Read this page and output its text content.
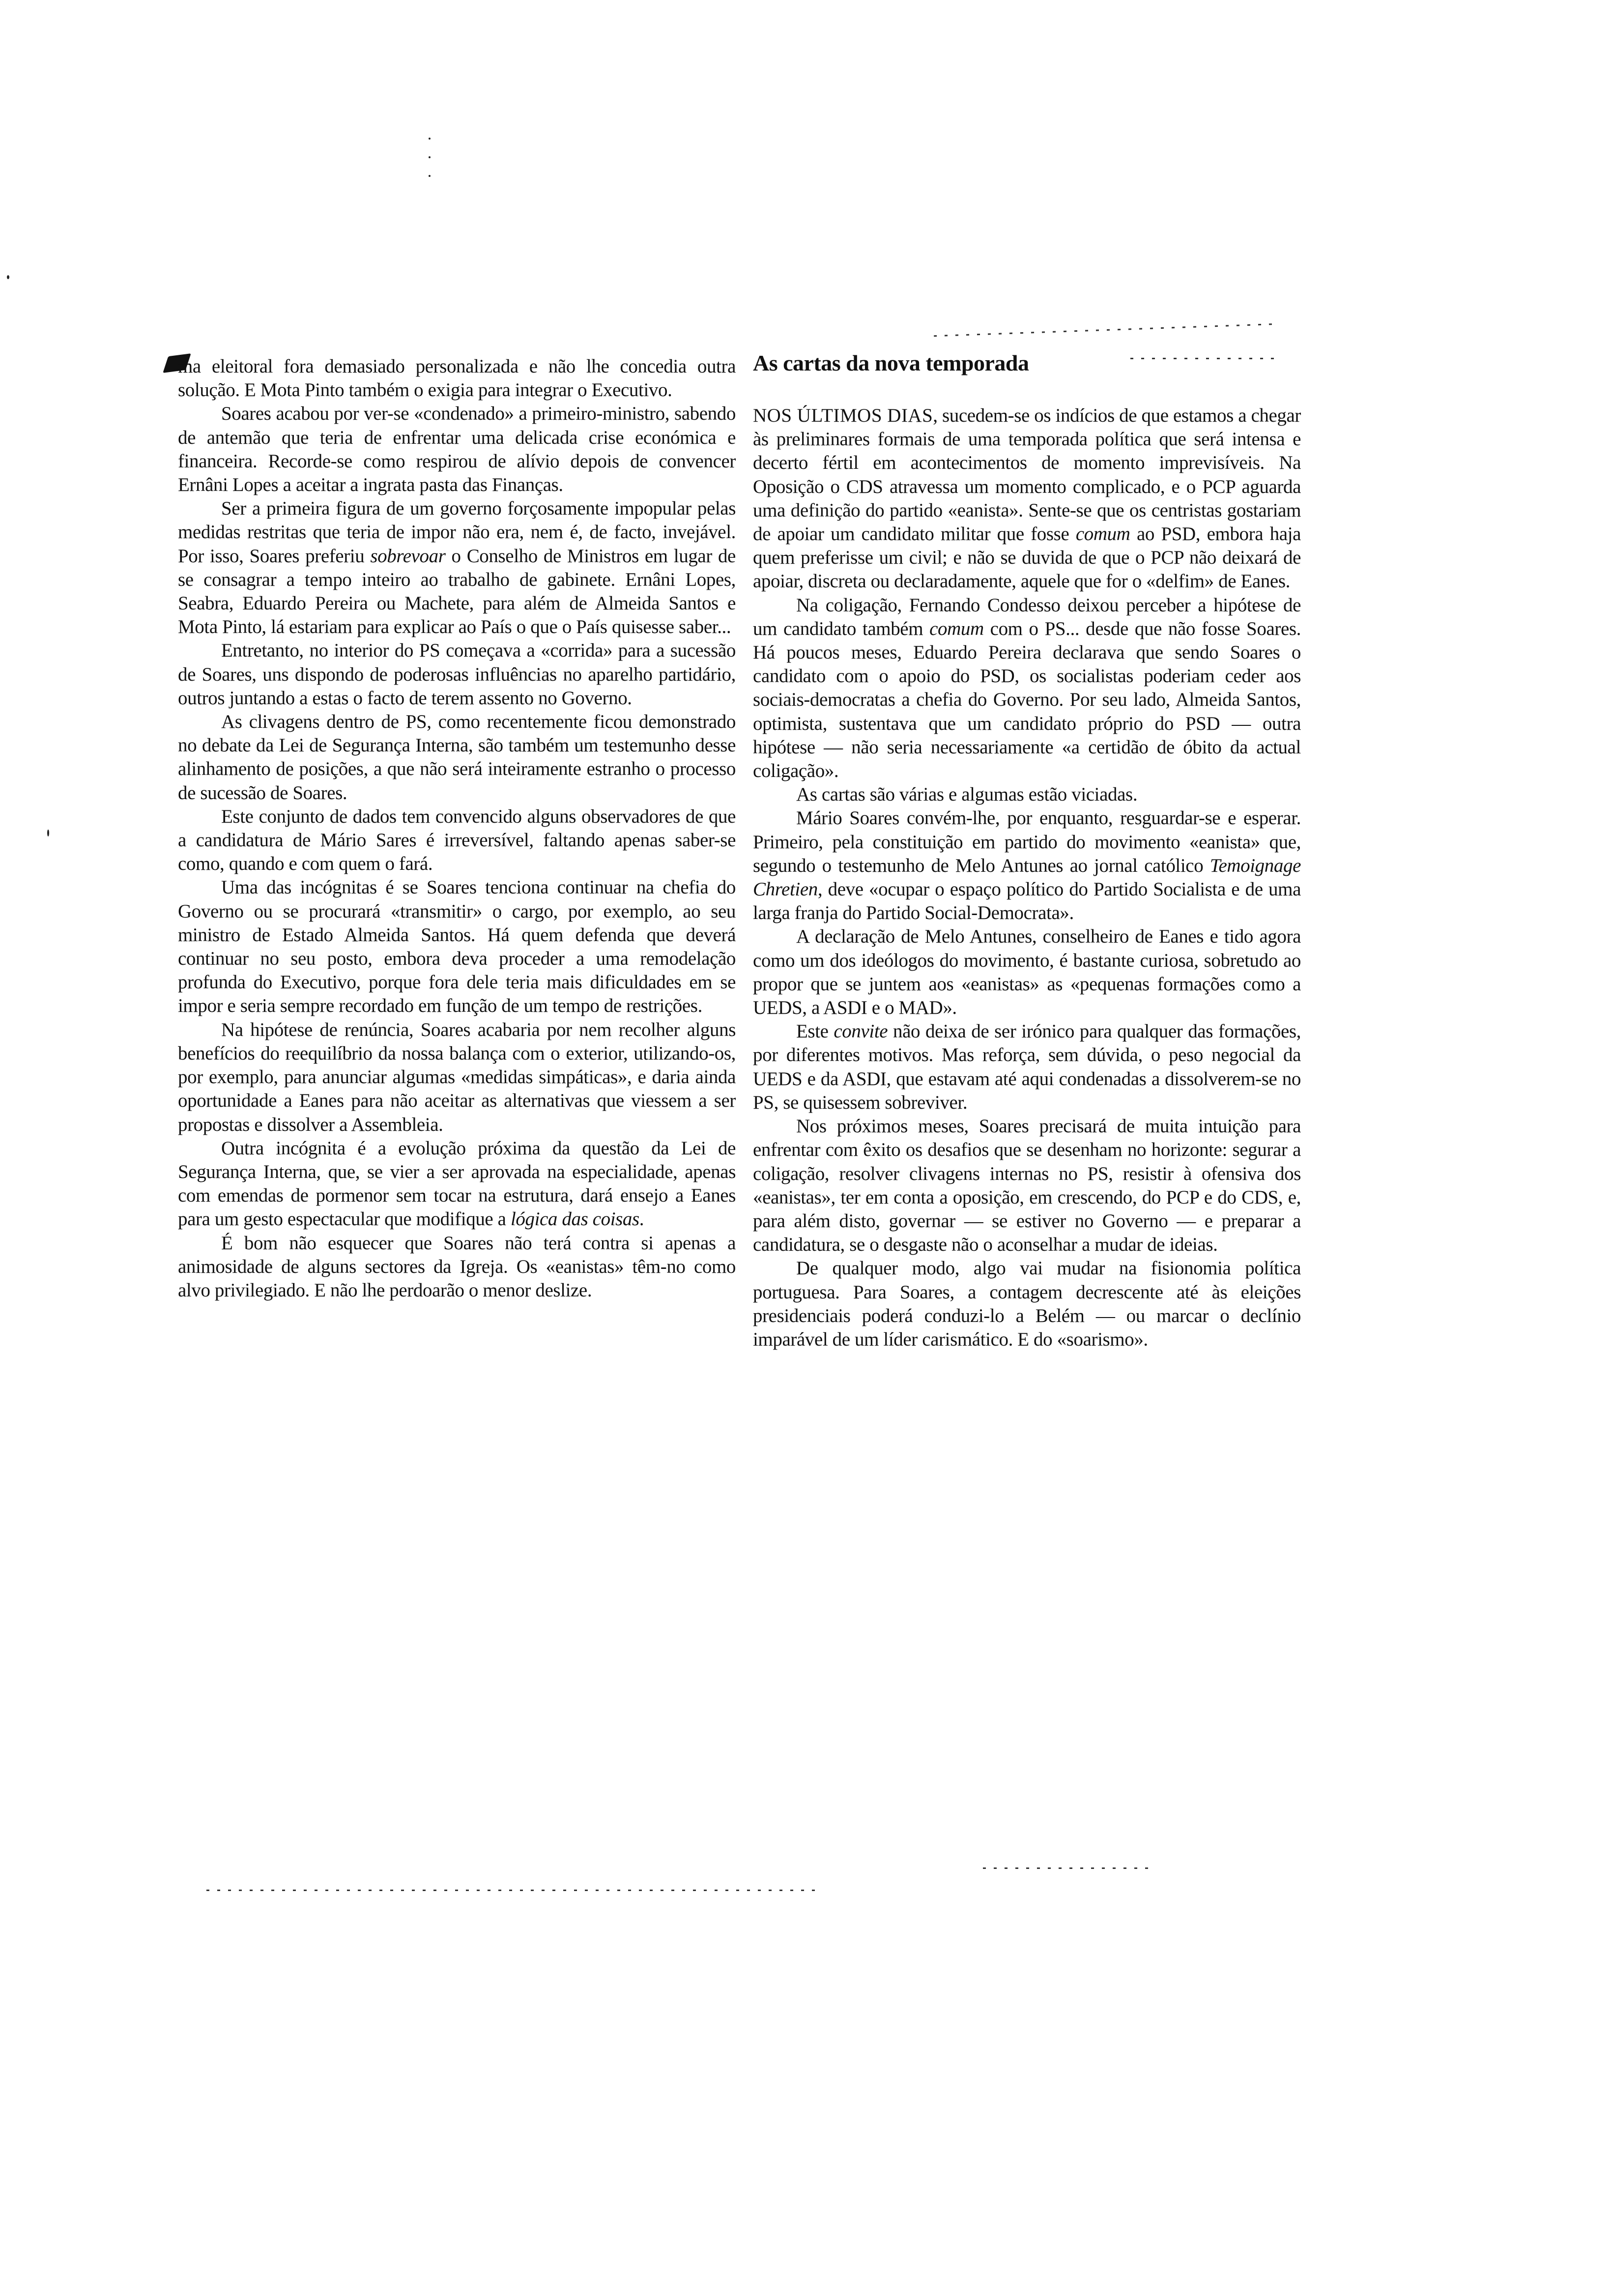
ma eleitoral fora demasiado personalizada e não lhe concedia outra solução. E Mota Pinto também o exigia para integrar o Executivo.

Soares acabou por ver-se «condenado» a primeiro-ministro, sabendo de antemão que teria de enfrentar uma delicada crise económica e financeira. Recorde-se como respirou de alívio depois de convencer Ernâni Lopes a aceitar a ingrata pasta das Finanças.

Ser a primeira figura de um governo forçosamente impopular pelas medidas restritas que teria de impor não era, nem é, de facto, invejável. Por isso, Soares preferiu sobrevoar o Conselho de Ministros em lugar de se consagrar a tempo inteiro ao trabalho de gabinete. Ernâni Lopes, Seabra, Eduardo Pereira ou Machete, para além de Almeida Santos e Mota Pinto, lá estariam para explicar ao País o que o País quisesse saber...

Entretanto, no interior do PS começava a «corrida» para a sucessão de Soares, uns dispondo de poderosas influências no aparelho partidário, outros juntando a estas o facto de terem assento no Governo.

As clivagens dentro de PS, como recentemente ficou demonstrado no debate da Lei de Segurança Interna, são também um testemunho desse alinhamento de posições, a que não será inteiramente estranho o processo de sucessão de Soares.

Este conjunto de dados tem convencido alguns observadores de que a candidatura de Mário Sares é irreversível, faltando apenas saber-se como, quando e com quem o fará.

Uma das incógnitas é se Soares tenciona continuar na chefia do Governo ou se procurará «transmitir» o cargo, por exemplo, ao seu ministro de Estado Almeida Santos. Há quem defenda que deverá continuar no seu posto, embora deva proceder a uma remodelação profunda do Executivo, porque fora dele teria mais dificuldades em se impor e seria sempre recordado em função de um tempo de restrições.

Na hipótese de renúncia, Soares acabaria por nem recolher alguns benefícios do reequilíbrio da nossa balança com o exterior, utilizando-os, por exemplo, para anunciar algumas «medidas simpáticas», e daria ainda oportunidade a Eanes para não aceitar as alternativas que viessem a ser propostas e dissolver a Assembleia.

Outra incógnita é a evolução próxima da questão da Lei de Segurança Interna, que, se vier a ser aprovada na especialidade, apenas com emendas de pormenor sem tocar na estrutura, dará ensejo a Eanes para um gesto espectacular que modifique a lógica das coisas.

É bom não esquecer que Soares não terá contra si apenas a animosidade de alguns sectores da Igreja. Os «eanistas» têm-no como alvo privilegiado. E não lhe perdoarão o menor deslize.

As cartas da nova temporada

NOS ÚLTIMOS DIAS, sucedem-se os indícios de que estamos a chegar às preliminares formais de uma temporada política que será intensa e decerto fértil em acontecimentos de momento imprevisíveis. Na Oposição o CDS atravessa um momento complicado, e o PCP aguarda uma definição do partido «eanista». Sente-se que os centristas gostariam de apoiar um candidato militar que fosse comum ao PSD, embora haja quem preferisse um civil; e não se duvida de que o PCP não deixará de apoiar, discreta ou declaradamente, aquele que for o «delfim» de Eanes.

Na coligação, Fernando Condesso deixou perceber a hipótese de um candidato também comum com o PS... desde que não fosse Soares. Há poucos meses, Eduardo Pereira declarava que sendo Soares o candidato com o apoio do PSD, os socialistas poderiam ceder aos sociais-democratas a chefia do Governo. Por seu lado, Almeida Santos, optimista, sustentava que um candidato próprio do PSD — outra hipótese — não seria necessariamente «a certidão de óbito da actual coligação».

As cartas são várias e algumas estão viciadas.

Mário Soares convém-lhe, por enquanto, resguardar-se e esperar. Primeiro, pela constituição em partido do movimento «eanista» que, segundo o testemunho de Melo Antunes ao jornal católico Temoignage Chretien, deve «ocupar o espaço político do Partido Socialista e de uma larga franja do Partido Social-Democrata».

A declaração de Melo Antunes, conselheiro de Eanes e tido agora como um dos ideólogos do movimento, é bastante curiosa, sobretudo ao propor que se juntem aos «eanistas» as «pequenas formações como a UEDS, a ASDI e o MAD».

Este convite não deixa de ser irónico para qualquer das formações, por diferentes motivos. Mas reforça, sem dúvida, o peso negocial da UEDS e da ASDI, que estavam até aqui condenadas a dissolverem-se no PS, se quisessem sobreviver.

Nos próximos meses, Soares precisará de muita intuição para enfrentar com êxito os desafios que se desenham no horizonte: segurar a coligação, resolver clivagens internas no PS, resistir à ofensiva dos «eanistas», ter em conta a oposição, em crescendo, do PCP e do CDS, e, para além disto, governar — se estiver no Governo — e preparar a candidatura, se o desgaste não o aconselhar a mudar de ideias.

De qualquer modo, algo vai mudar na fisionomia política portuguesa. Para Soares, a contagem decrescente até às eleições presidenciais poderá conduzi-lo a Belém — ou marcar o declínio imparável de um líder carismático. E do «soarismo».
